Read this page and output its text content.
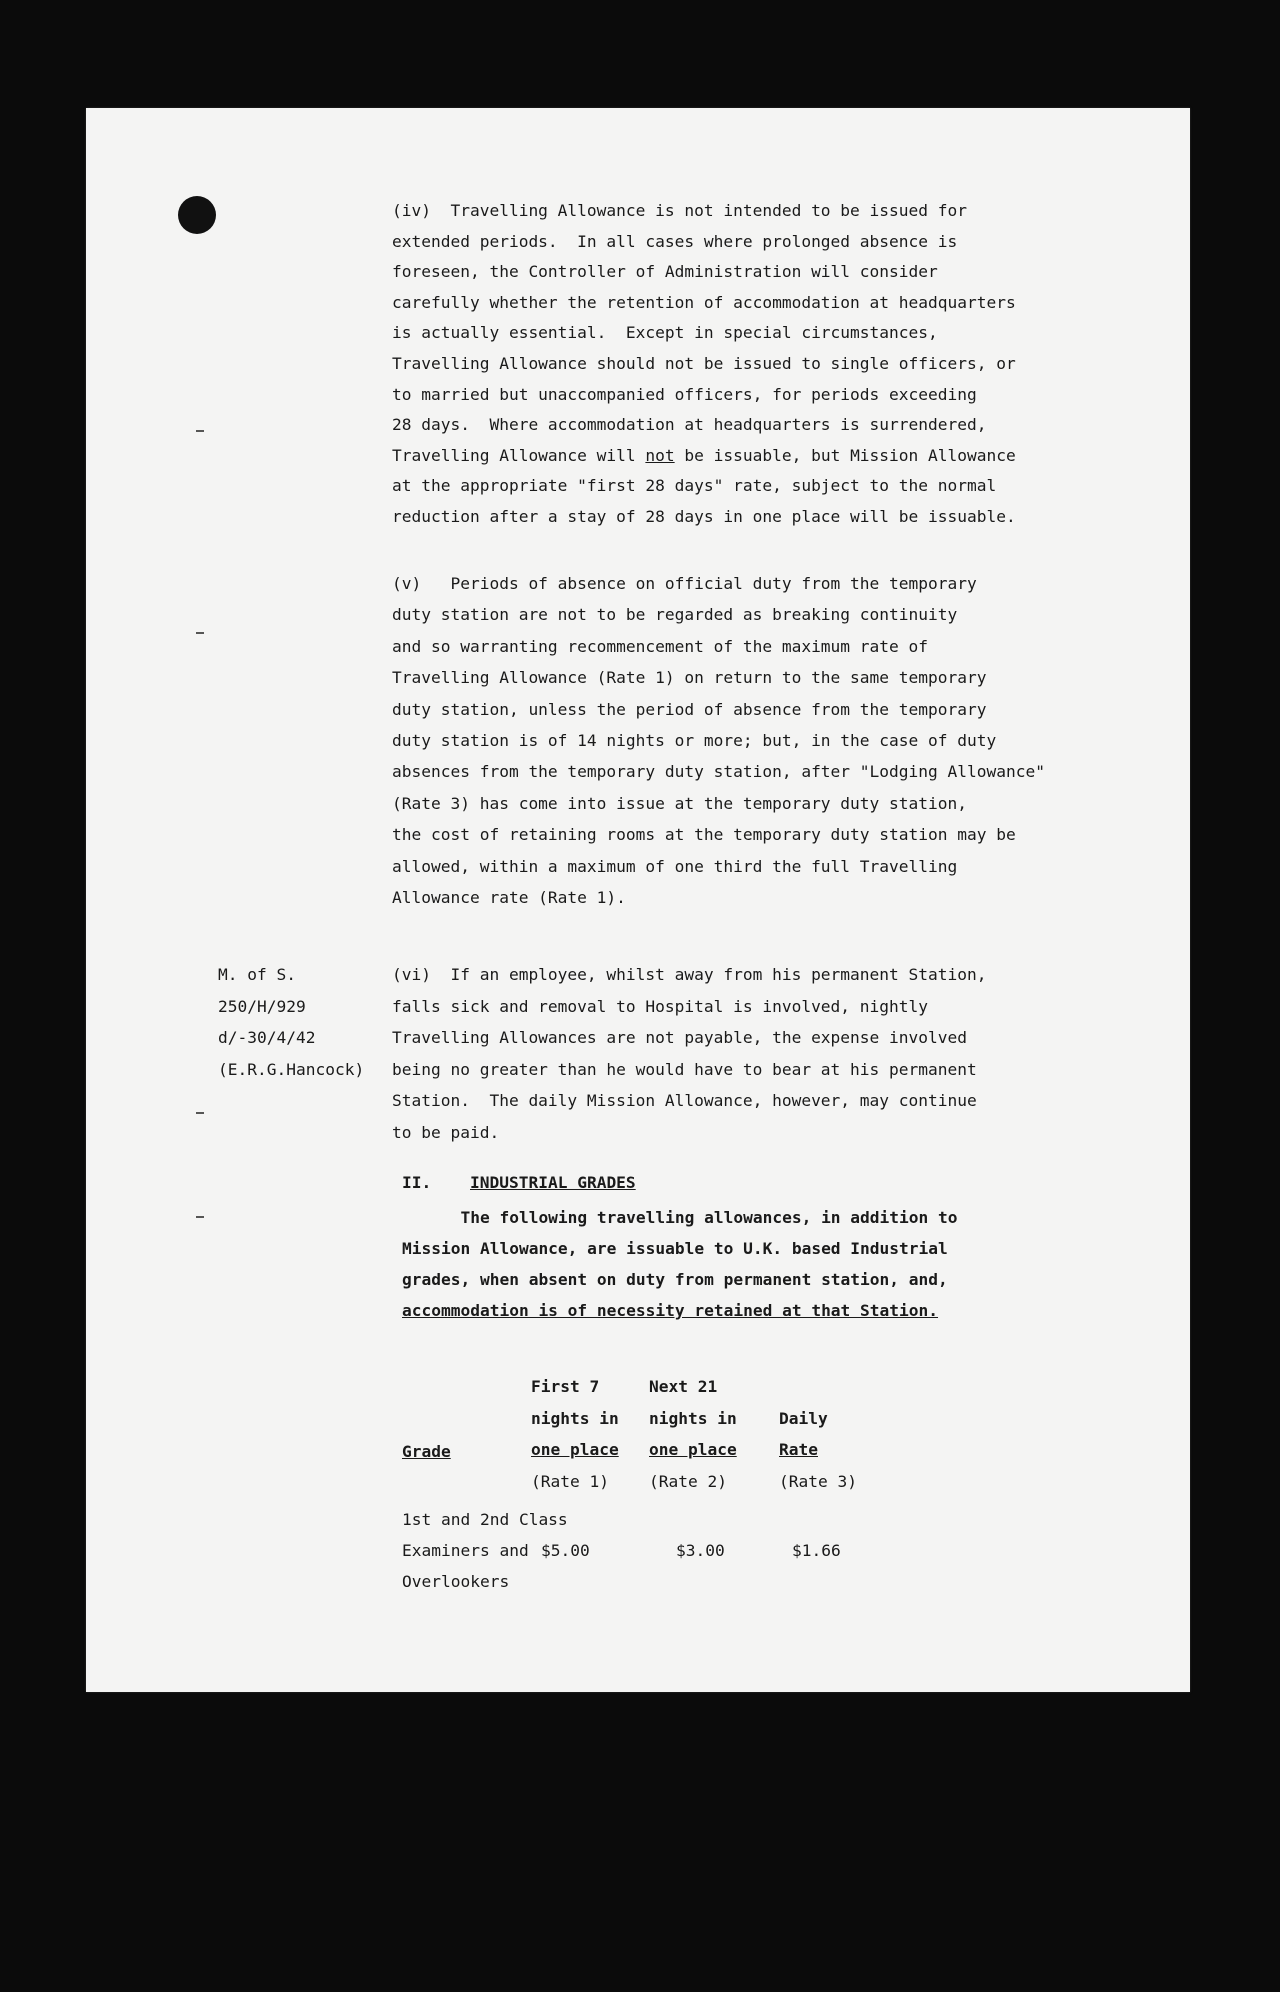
(iv)  Travelling Allowance is not intended to be issued for
extended periods.  In all cases where prolonged absence is
foreseen, the Controller of Administration will consider
carefully whether the retention of accommodation at headquarters
is actually essential.  Except in special circumstances,
Travelling Allowance should not be issued to single officers, or
to married but unaccompanied officers, for periods exceeding
28 days.  Where accommodation at headquarters is surrendered,
Travelling Allowance will not be issuable, but Mission Allowance
at the appropriate "first 28 days" rate, subject to the normal
reduction after a stay of 28 days in one place will be issuable.
(v)   Periods of absence on official duty from the temporary
duty station are not to be regarded as breaking continuity
and so warranting recommencement of the maximum rate of
Travelling Allowance (Rate 1) on return to the same temporary
duty station, unless the period of absence from the temporary
duty station is of 14 nights or more; but, in the case of duty
absences from the temporary duty station, after "Lodging Allowance"
(Rate 3) has come into issue at the temporary duty station,
the cost of retaining rooms at the temporary duty station may be
allowed, within a maximum of one third the full Travelling
Allowance rate (Rate 1).
M. of S.
250/H/929
d/-30/4/42
(E.R.G.Hancock)
(vi)  If an employee, whilst away from his permanent Station,
falls sick and removal to Hospital is involved, nightly
Travelling Allowances are not payable, the expense involved
being no greater than he would have to bear at his permanent
Station.  The daily Mission Allowance, however, may continue
to be paid.
II. INDUSTRIAL GRADES
The following travelling allowances, in addition to
Mission Allowance, are issuable to U.K. based Industrial
grades, when absent on duty from permanent station, and,
accommodation is of necessity retained at that Station.
Grade
First 7
nights in
one place
(Rate 1)
Next 21
nights in
one place
(Rate 2)
Daily
Rate
(Rate 3)
1st and 2nd Class
Examiners and
Overlookers
$5.00	$3.00	$1.66
